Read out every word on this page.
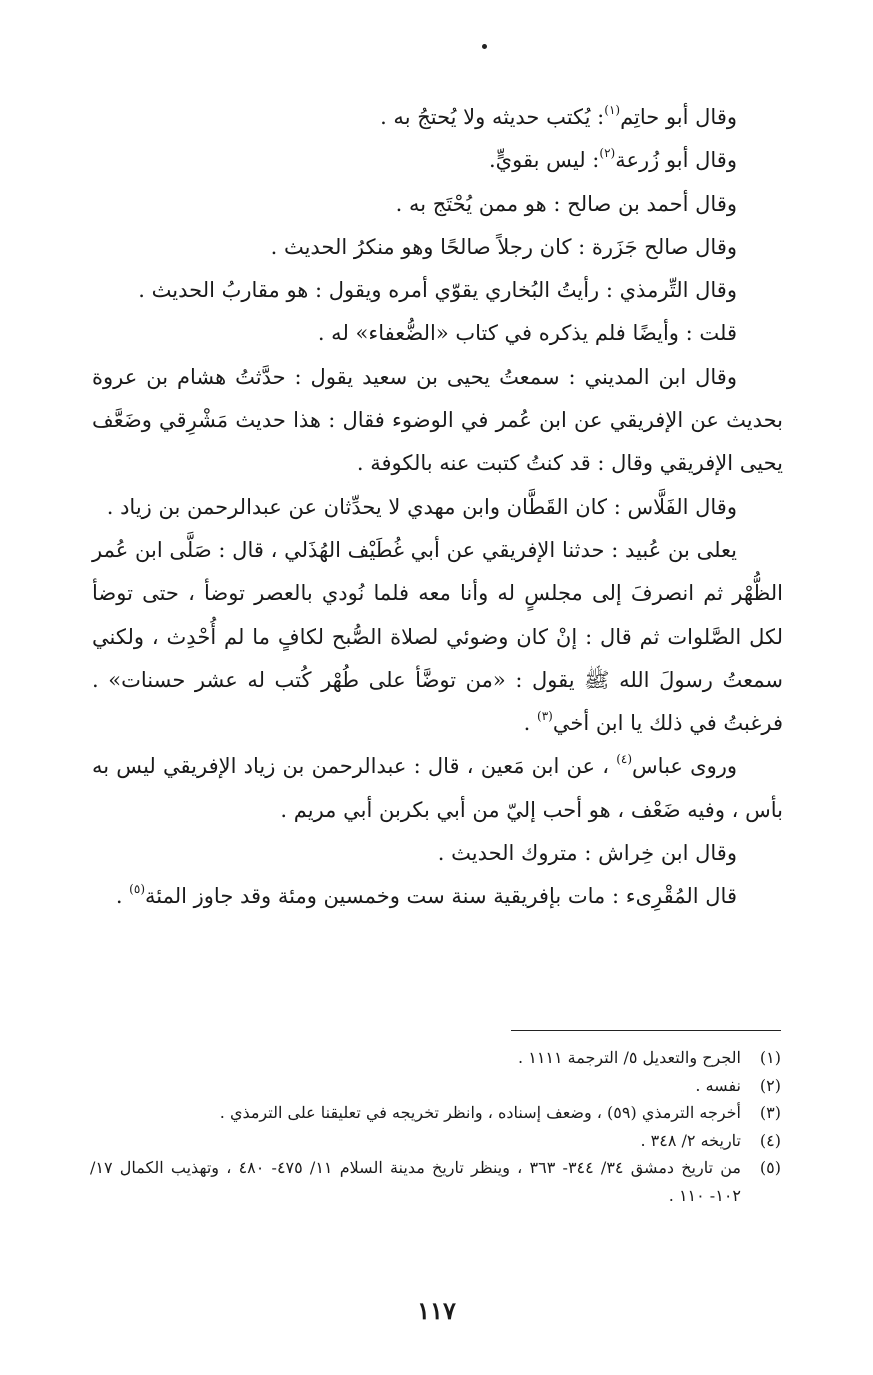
وقال أبو حاتِم$^{(١)}$: يُكتب حديثه ولا يُحتجُ به .

وقال أبو زُرعة$^{(٢)}$: ليس بقويٍّ.

وقال أحمد بن صالح : هو ممن يُحْتَج به .

وقال صالح جَزَرة : كان رجلاً صالحًا وهو منكرُ الحديث .

وقال التِّرمذي : رأيتُ البُخاري يقوّي أمره ويقول : هو مقاربُ الحديث .

قلت : وأيضًا فلم يذكره في كتاب «الضُّعفاء» له .

وقال ابن المديني : سمعتُ يحيى بن سعيد يقول : حدَّثتُ هشام بن عروة بحديث عن الإفريقي عن ابن عُمر في الوضوء فقال : هذا حديث مَشْرِقي وضَعَّف يحيى الإفريقي وقال : قد كنتُ كتبت عنه بالكوفة .

وقال الفَلَّاس : كان القَطَّان وابن مهدي لا يحدِّثان عن عبدالرحمن بن زياد .

يعلى بن عُبيد : حدثنا الإفريقي عن أبي غُطَيْف الهُذَلي ، قال : صَلَّى ابن عُمر الظُّهْر ثم انصرفَ إلى مجلسٍ له وأنا معه فلما نُودي بالعصر توضأ ، حتى توضأ لكل الصَّلوات ثم قال : إنْ كان وضوئي لصلاة الصُّبح لكافٍ ما لم أُحْدِث ، ولكني سمعتُ رسولَ الله ﷺ يقول : «من توضَّأ على طُهْر كُتب له عشر حسنات» . فرغبتُ في ذلك يا ابن أخي$^{(٣)}$ .

وروى عباس$^{(٤)}$ ، عن ابن مَعين ، قال : عبدالرحمن بن زياد الإفريقي ليس به بأس ، وفيه ضَعْف ، هو أحب إليّ من أبي بكربن أبي مريم .

وقال ابن خِراش : متروك الحديث .

قال المُقْرِىء : مات بإفريقية سنة ست وخمسين ومئة وقد جاوز المئة$^{(٥)}$ .

(١)
الجرح والتعديل ٥/ الترجمة ١١١١ .
(٢)
نفسه .
(٣)
أخرجه الترمذي (٥٩) ، وضعف إسناده ، وانظر تخريجه في تعليقنا على الترمذي .
(٤)
تاريخه ٢/ ٣٤٨ .
(٥)
من تاريخ دمشق ٣٤/ ٣٤٤- ٣٦٣ ، وينظر تاريخ مدينة السلام ١١/ ٤٧٥- ٤٨٠ ، وتهذيب الكمال ١٧/ ١٠٢- ١١٠ .
١١٧
